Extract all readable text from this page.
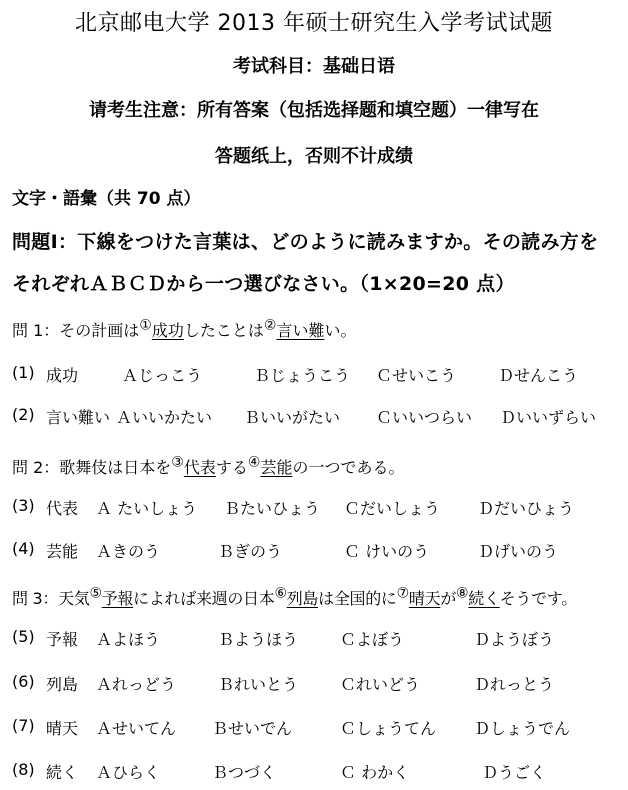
北京邮电大学 2013 年硕士研究生入学考试试题
考试科目：基础日语
请考生注意：所有答案（包括选择题和填空题）一律写在
答题纸上，否则不计成绩
文字・語彙（共 70 点）
問題Ⅰ：下線をつけた言葉は、どのように読みますか。その読み方を
それぞれＡＢＣＤから一つ選びなさい。（1×20=20 点）
問 1：その計画は①成功したことは②言い難い。
(1) 成功	Ａじっこう	Ｂじょうこう Ｃせいこう	Ｄせんこう
(2) 言い難い Ａいいかたい Ｂいいがたい Ｃいいつらい Ｄいいずらい
問 2：歌舞伎は日本を③代表する④芸能の一つである。
(3) 代表 Ａ たいしょう Ｂたいひょう Ｃだいしょう Ｄだいひょう
(4) 芸能 Ａきのう	Ｂぎのう	Ｃ けいのう	Ｄげいのう
問 3：天気⑤予報によれば来週の日本⑥列島は全国的に⑦晴天が⑧続くそうです。
(5) 予報 Ａよほう	Ｂようほう	Ｃよぼう	Ｄようぼう
(6) 列島 Ａれっどう	Ｂれいとう	Ｃれいどう	Ｄれっとう
(7) 晴天 Ａせいてん Ｂせいでん	Ｃしょうてん Ｄしょうでん
(8) 続く Ａひらく	Ｂつづく	Ｃ わかく	Ｄうごく
